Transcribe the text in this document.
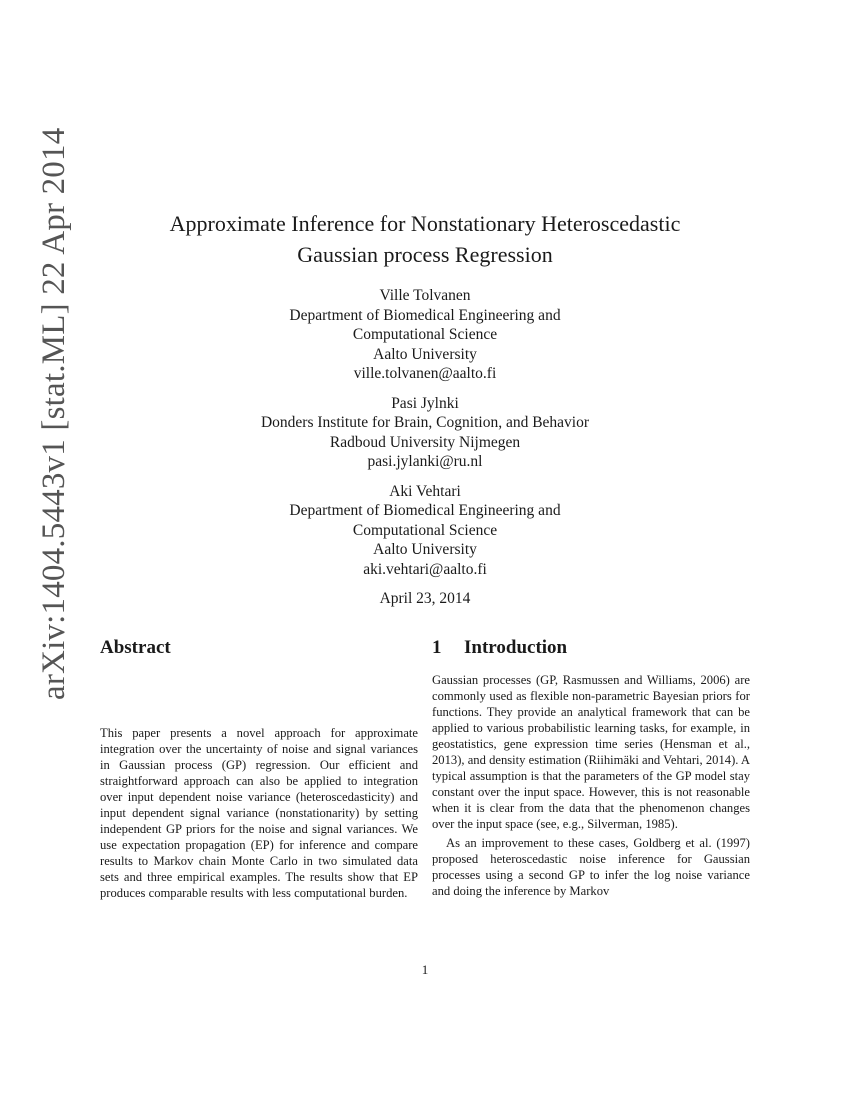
arXiv:1404.5443v1 [stat.ML] 22 Apr 2014	Approximate Inference for Nonstationary Heteroscedastic
Gaussian process Regression
Ville Tolvanen
Department of Biomedical Engineering and
Computational Science
Aalto University
ville.tolvanen@aalto.fi
Pasi Jylnki
Donders Institute for Brain, Cognition, and Behavior
Radboud University Nijmegen
pasi.jylanki@ru.nl
Aki Vehtari
Department of Biomedical Engineering and
Computational Science
Aalto University
aki.vehtari@aalto.fi
April 23, 2014
Abstract
This paper presents a novel approach for approximate integration over the uncertainty of noise and signal variances in Gaussian process (GP) regression. Our efficient and straightforward approach can also be applied to integration over input dependent noise variance (heteroscedasticity) and input dependent signal variance (nonstationarity) by setting independent GP priors for the noise and signal variances. We use expectation propagation (EP) for inference and compare results to Markov chain Monte Carlo in two simulated data sets and three empirical examples. The results show that EP produces comparable results with less computational burden.
1 Introduction

Gaussian processes (GP, Rasmussen and Williams, 2006) are commonly used as flexible non-parametric Bayesian priors for functions. They provide an analytical framework that can be applied to various probabilistic learning tasks, for example, in geostatistics, gene expression time series (Hensman et al., 2013), and density estimation (Riihimäki and Vehtari, 2014). A typical assumption is that the parameters of the GP model stay constant over the input space. However, this is not reasonable when it is clear from the data that the phenomenon changes over the input space (see, e.g., Silverman, 1985).

As an improvement to these cases, Goldberg et al. (1997) proposed heteroscedastic noise inference for Gaussian processes using a second GP to infer the log noise variance and doing the inference by Markov

1
